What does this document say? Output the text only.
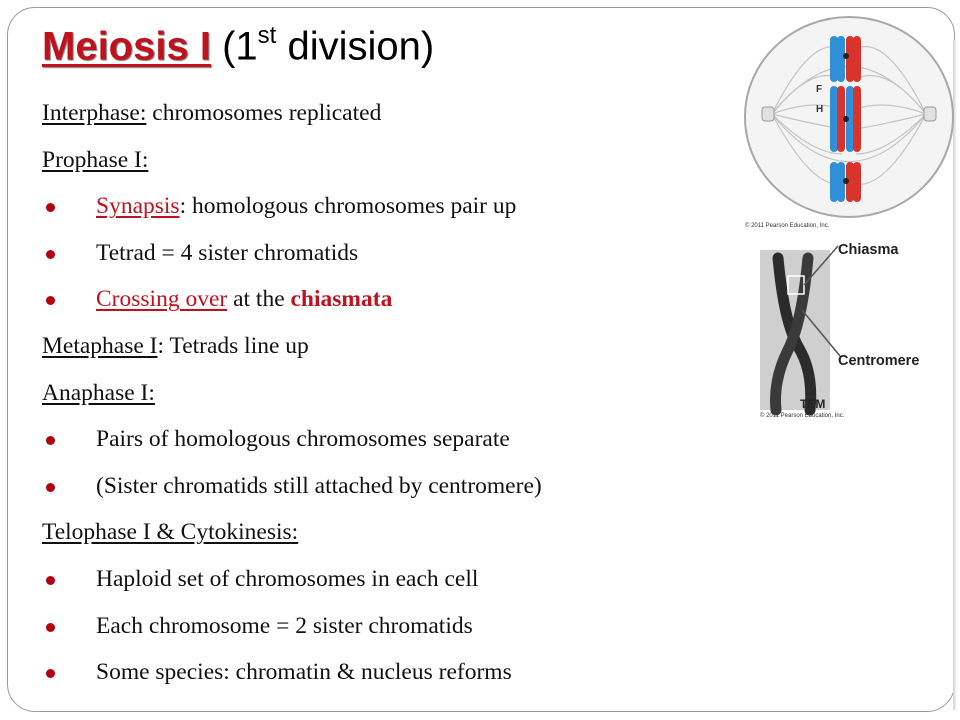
Meiosis I (1st division)
Interphase: chromosomes replicated
Prophase I:
Synapsis: homologous chromosomes pair up
Tetrad = 4 sister chromatids
Crossing over at the chiasmata
Metaphase I: Tetrads line up
Anaphase I:
Pairs of homologous chromosomes separate
(Sister chromatids still attached by centromere)
Telophase I & Cytokinesis:
Haploid set of chromosomes in each cell
Each chromosome = 2 sister chromatids
Some species: chromatin & nucleus reforms
F
H
© 2011 Pearson Education, Inc.
Chiasma
Centromere
TEM
© 2011 Pearson Education, Inc.
